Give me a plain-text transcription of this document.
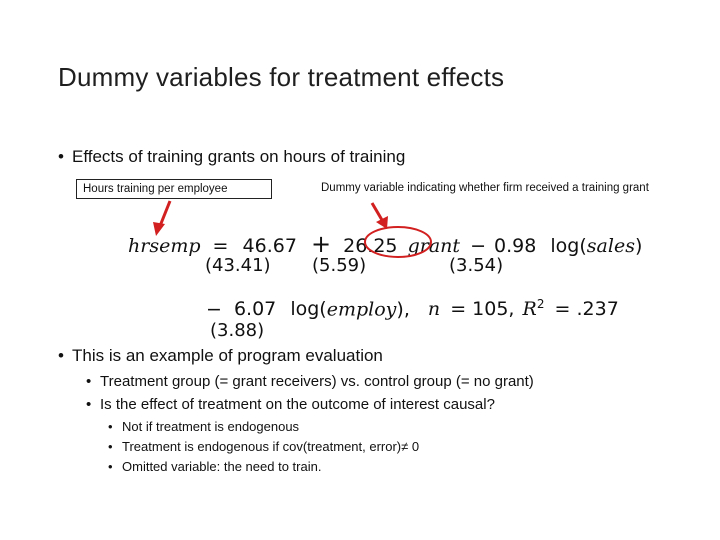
Dummy variables for treatment effects
• Effects of training grants on hours of training
Hours training per employee	Dummy variable indicating whether firm received a training grant
hrsemp = 46.67 + 26.25 grant − 0.98 log(sales)
(43.41) (5.59)	(3.54)
− 6.07 log(employ), n = 105, $R^2 = .237$
(3.88)
• This is an example of program evaluation
• Treatment group (= grant receivers) vs. control group (= no grant)
• Is the effect of treatment on the outcome of interest causal?
• Not if treatment is endogenous
• Treatment is endogenous if cov(treatment, error)≠ 0
• Omitted variable: the need to train.
